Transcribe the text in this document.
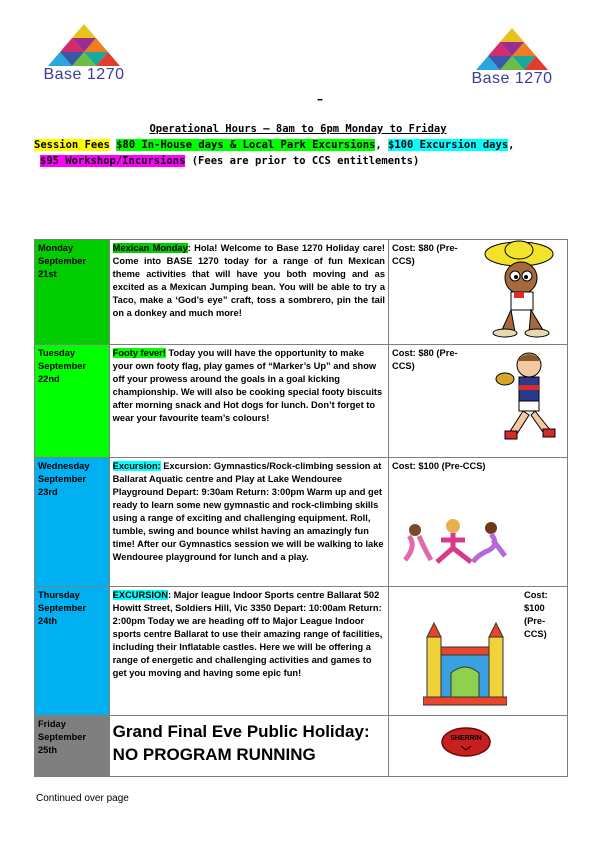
Base 1270	Base 1270
–
Operational Hours – 8am to 6pm Monday to Friday
Session Fees $80 In-House days & Local Park Excursions, $100 Excursion days,
$95 Workshop/Incursions (Fees are prior to CCS entitlements)
Monday September 21st	Mexican Monday: Hola! Welcome to Base 1270 Holiday care! Come into BASE 1270 today for a range of fun Mexican theme activities that will have you both moving and as excited as a Mexican Jumping bean. You will be able to try a Taco, make a ‘God’s eye” craft, toss a sombrero, pin the tail on a donkey and much more!	Cost: $80 (Pre-CCS)

Tuesday September 22nd	Footy fever! Today you will have the opportunity to make your own footy flag, play games of “Marker’s Up” and show off your prowess around the goals in a goal kicking championship. We will also be cooking special footy biscuits after morning snack and Hot dogs for lunch. Don’t forget to wear your favourite team’s colours!	Cost: $80 (Pre-CCS)

Wednesday September 23rd	Excursion: Excursion: Gymnastics/Rock-climbing session at Ballarat Aquatic centre and Play at Lake Wendouree Playground Depart: 9:30am Return: 3:00pm Warm up and get ready to learn some new gymnastic and rock-climbing skills using a range of exciting and challenging equipment. Roll, tumble, swing and bounce whilst having an amazingly fun time! After our Gymnastics session we will be walking to lake Wendouree playground for lunch and a play.	Cost: $100 (Pre-CCS)

Thursday September 24th	EXCURSION: Major league Indoor Sports centre Ballarat 502 Howitt Street, Soldiers Hill, Vic 3350 Depart: 10:00am Return: 2:00pm Today we are heading off to Major League Indoor sports centre Ballarat to use their amazing range of facilities, including their Inflatable castles. Here we will be offering a range of energetic and challenging activities and games to get you moving and having some epic fun!	Cost: $100 (Pre-CCS)

Friday September 25th	Grand Final Eve Public Holiday: NO PROGRAM RUNNING	SHERRIN
Continued over page
